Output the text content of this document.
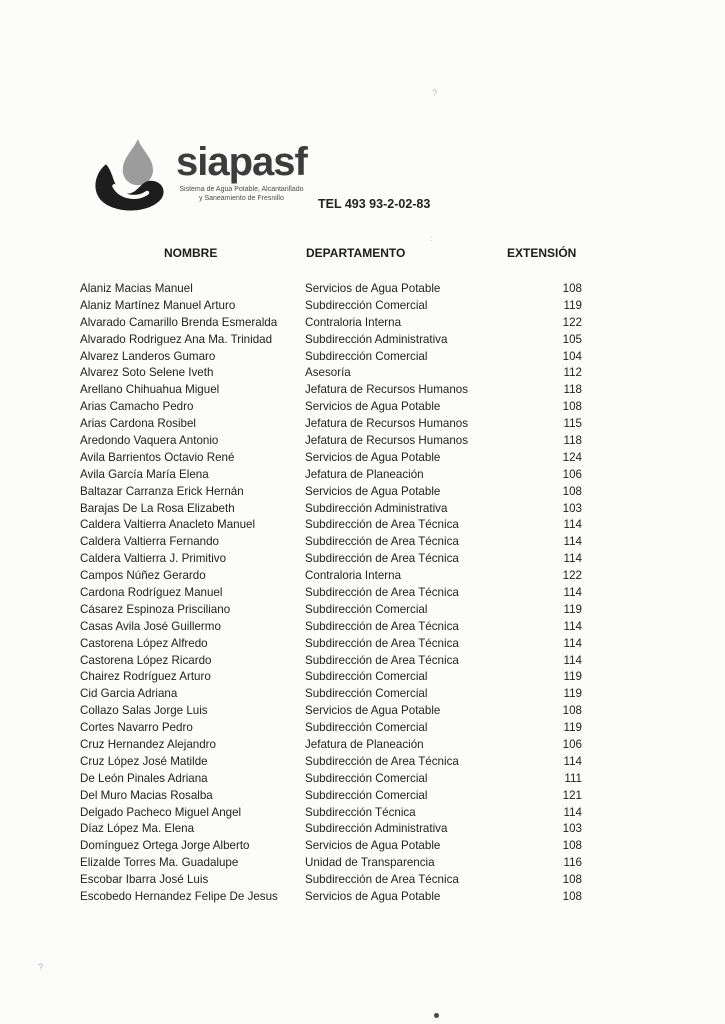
siapasf
Sistema de Agua Potable, Alcantarillado
y Saneamiento de Fresnillo	TEL 493 93-2-02-83
NOMBRE	DEPARTAMENTO	EXTENSIÓN
Alaniz Macias Manuel	Servicios de Agua Potable	108
Alaniz Martínez Manuel Arturo	Subdirección Comercial	119
Alvarado Camarillo Brenda Esmeralda	Contraloria Interna	122
Alvarado Rodriguez Ana Ma. Trinidad	Subdirección Administrativa	105
Alvarez Landeros Gumaro	Subdirección Comercial	104
Alvarez Soto Selene Iveth	Asesoría	112
Arellano Chihuahua Miguel	Jefatura de Recursos Humanos	118
Arias Camacho Pedro	Servicios de Agua Potable	108
Arias Cardona Rosibel	Jefatura de Recursos Humanos	115
Aredondo Vaquera Antonio	Jefatura de Recursos Humanos	118
Avila Barrientos Octavio René	Servicios de Agua Potable	124
Avila García María Elena	Jefatura de Planeación	106
Baltazar Carranza Erick Hernán	Servicios de Agua Potable	108
Barajas De La Rosa Elizabeth	Subdirección Administrativa	103
Caldera Valtierra Anacleto Manuel	Subdirección de Area Técnica	114
Caldera Valtierra Fernando	Subdirección de Area Técnica	114
Caldera Valtierra J. Primitivo	Subdirección de Area Técnica	114
Campos Núñez Gerardo	Contraloria Interna	122
Cardona Rodríguez Manuel	Subdirección de Area Técnica	114
Cásarez Espinoza Prisciliano	Subdirección Comercial	119
Casas Avila José Guillermo	Subdirección de Area Técnica	114
Castorena López Alfredo	Subdirección de Area Técnica	114
Castorena López Ricardo	Subdirección de Area Técnica	114
Chairez Rodríguez Arturo	Subdirección Comercial	119
Cid Garcia Adriana	Subdirección Comercial	119
Collazo Salas Jorge Luis	Servicios de Agua Potable	108
Cortes Navarro Pedro	Subdirección Comercial	119
Cruz Hernandez Alejandro	Jefatura de Planeación	106
Cruz López José Matilde	Subdirección de Area Técnica	114
De León Pinales Adriana	Subdirección Comercial	111
Del Muro Macias Rosalba	Subdirección Comercial	121
Delgado Pacheco Miguel Angel	Subdirección Técnica	114
Díaz López Ma. Elena	Subdirección Administrativa	103
Domínguez Ortega Jorge Alberto	Servicios de Agua Potable	108
Elizalde Torres Ma. Guadalupe	Unidad de Transparencia	116
Escobar Ibarra José Luis	Subdirección de Area Técnica	108
Escobedo Hernandez Felipe De Jesus	Servicios de Agua Potable	108
?
:
?
